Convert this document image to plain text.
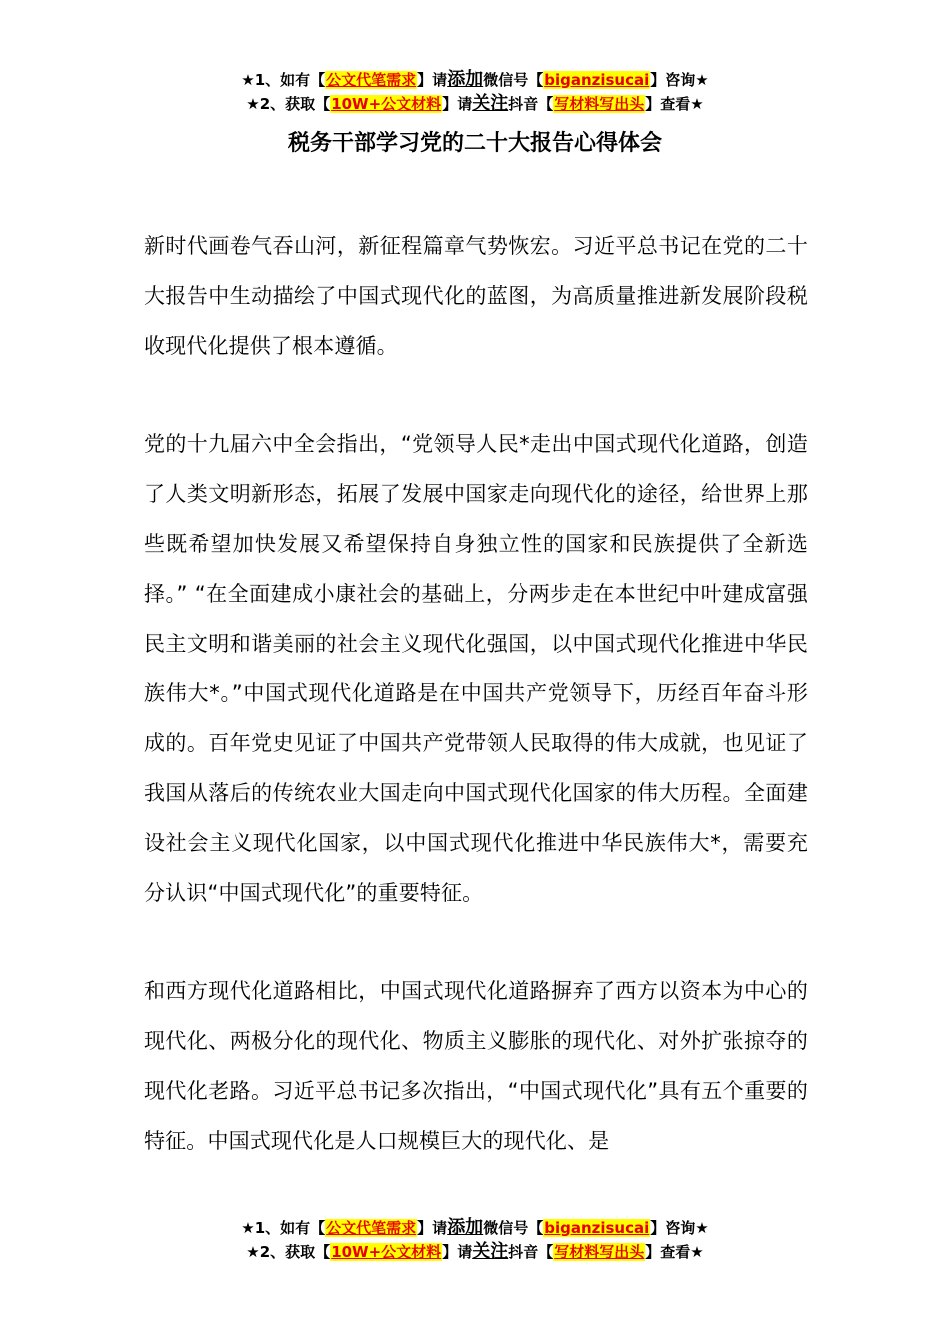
★1、如有【公文代笔需求】请添加微信号【biganzisucai】咨询★
★2、获取【10W+公文材料】请关注抖音【写材料写出头】查看★
税务干部学习党的二十大报告心得体会

新时代画卷气吞山河，新征程篇章气势恢宏。习近平总书记在党的二十大报告中生动描绘了中国式现代化的蓝图，为高质量推进新发展阶段税收现代化提供了根本遵循。

党的十九届六中全会指出，“党领导人民*走出中国式现代化道路，创造了人类文明新形态，拓展了发展中国家走向现代化的途径，给世界上那些既希望加快发展又希望保持自身独立性的国家和民族提供了全新选择。” “在全面建成小康社会的基础上，分两步走在本世纪中叶建成富强民主文明和谐美丽的社会主义现代化强国，以中国式现代化推进中华民族伟大*。”中国式现代化道路是在中国共产党领导下，历经百年奋斗形成的。百年党史见证了中国共产党带领人民取得的伟大成就，也见证了我国从落后的传统农业大国走向中国式现代化国家的伟大历程。全面建设社会主义现代化国家，以中国式现代化推进中华民族伟大*，需要充分认识“中国式现代化”的重要特征。

和西方现代化道路相比，中国式现代化道路摒弃了西方以资本为中心的现代化、两极分化的现代化、物质主义膨胀的现代化、对外扩张掠夺的现代化老路。习近平总书记多次指出，“中国式现代化”具有五个重要的特征。中国式现代化是人口规模巨大的现代化、是

★1、如有【公文代笔需求】请添加微信号【biganzisucai】咨询★
★2、获取【10W+公文材料】请关注抖音【写材料写出头】查看★
